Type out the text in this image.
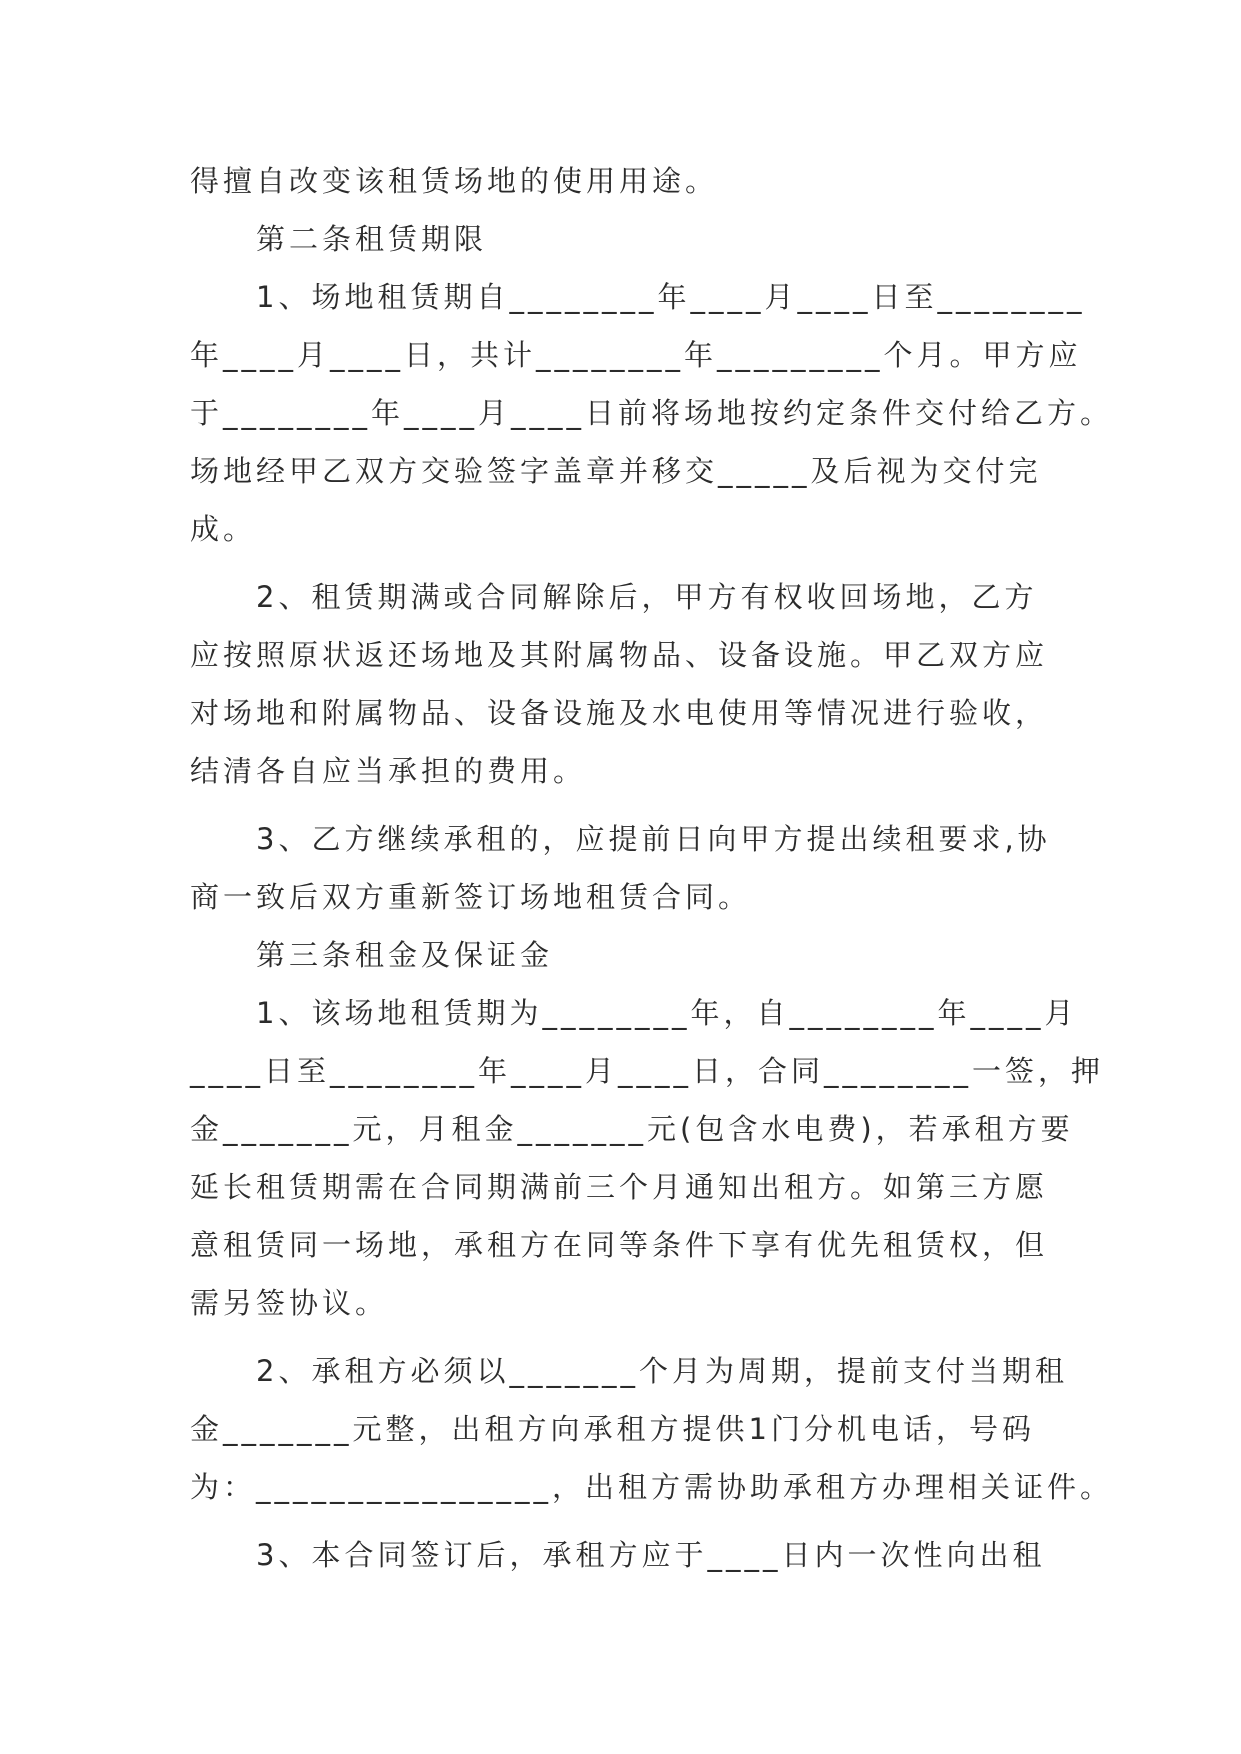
得擅自改变该租赁场地的使用用途。

第二条租赁期限

1、场地租赁期自________年____月____日至________

年____月____日，共计________年_________个月。甲方应

于________年____月____日前将场地按约定条件交付给乙方。

场地经甲乙双方交验签字盖章并移交_____及后视为交付完

成。

2、租赁期满或合同解除后，甲方有权收回场地，乙方

应按照原状返还场地及其附属物品、设备设施。甲乙双方应

对场地和附属物品、设备设施及水电使用等情况进行验收，

结清各自应当承担的费用。

3、乙方继续承租的，应提前日向甲方提出续租要求,协

商一致后双方重新签订场地租赁合同。

第三条租金及保证金

1、该场地租赁期为________年，自________年____月

____日至________年____月____日，合同________一签，押

金_______元，月租金_______元(包含水电费)，若承租方要

延长租赁期需在合同期满前三个月通知出租方。如第三方愿

意租赁同一场地，承租方在同等条件下享有优先租赁权，但

需另签协议。

2、承租方必须以_______个月为周期，提前支付当期租

金_______元整，出租方向承租方提供1门分机电话，号码

为：________________，出租方需协助承租方办理相关证件。

3、本合同签订后，承租方应于____日内一次性向出租
